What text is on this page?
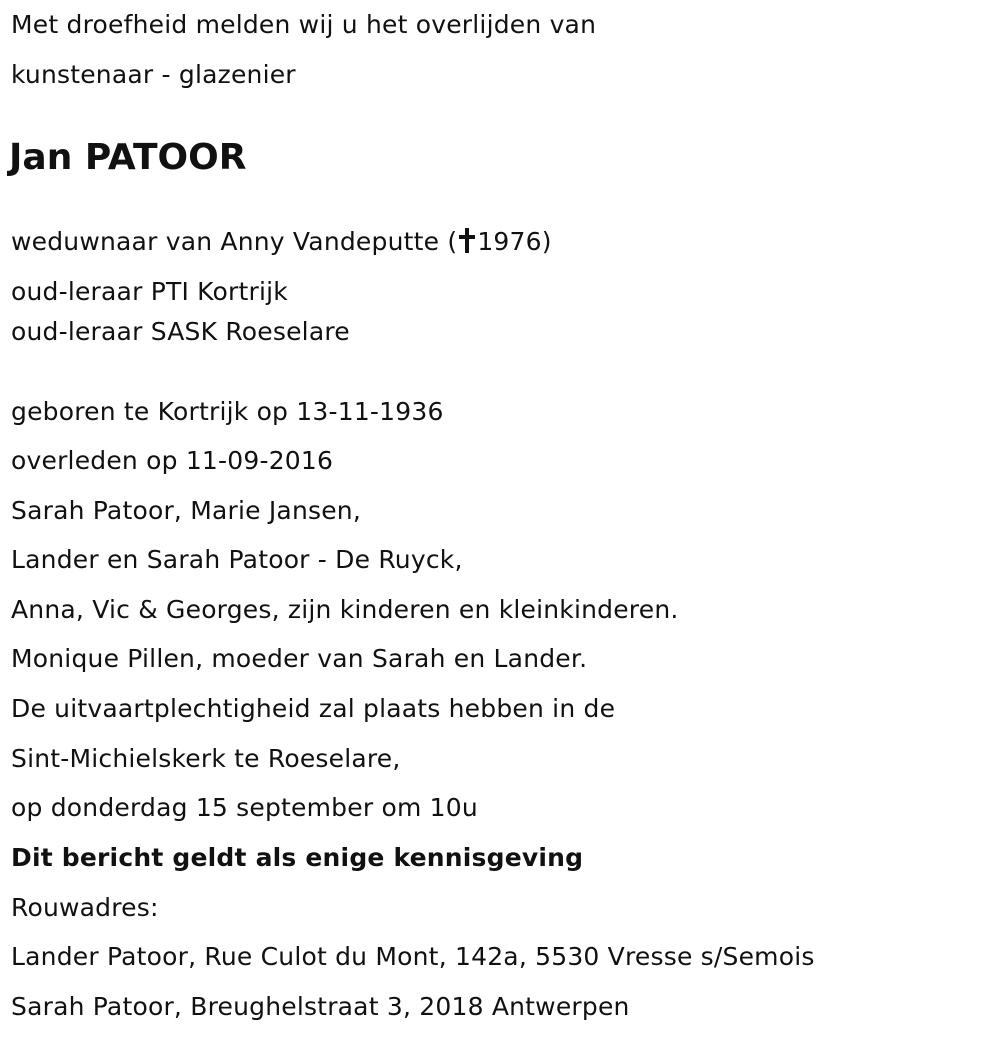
Met droefheid melden wij u het overlijden van
kunstenaar - glazenier
Jan PATOOR
weduwnaar van Anny Vandeputte ( 1976)
oud-leraar PTI Kortrijk
oud-leraar SASK Roeselare
geboren te Kortrijk op 13-11-1936
overleden op 11-09-2016
Sarah Patoor, Marie Jansen,
Lander en Sarah Patoor - De Ruyck,
Anna, Vic & Georges, zijn kinderen en kleinkinderen.
Monique Pillen, moeder van Sarah en Lander.
De uitvaartplechtigheid zal plaats hebben in de
Sint-Michielskerk te Roeselare,
op donderdag 15 september om 10u
Dit bericht geldt als enige kennisgeving
Rouwadres:
Lander Patoor, Rue Culot du Mont, 142a, 5530 Vresse s/Semois
Sarah Patoor, Breughelstraat 3, 2018 Antwerpen
